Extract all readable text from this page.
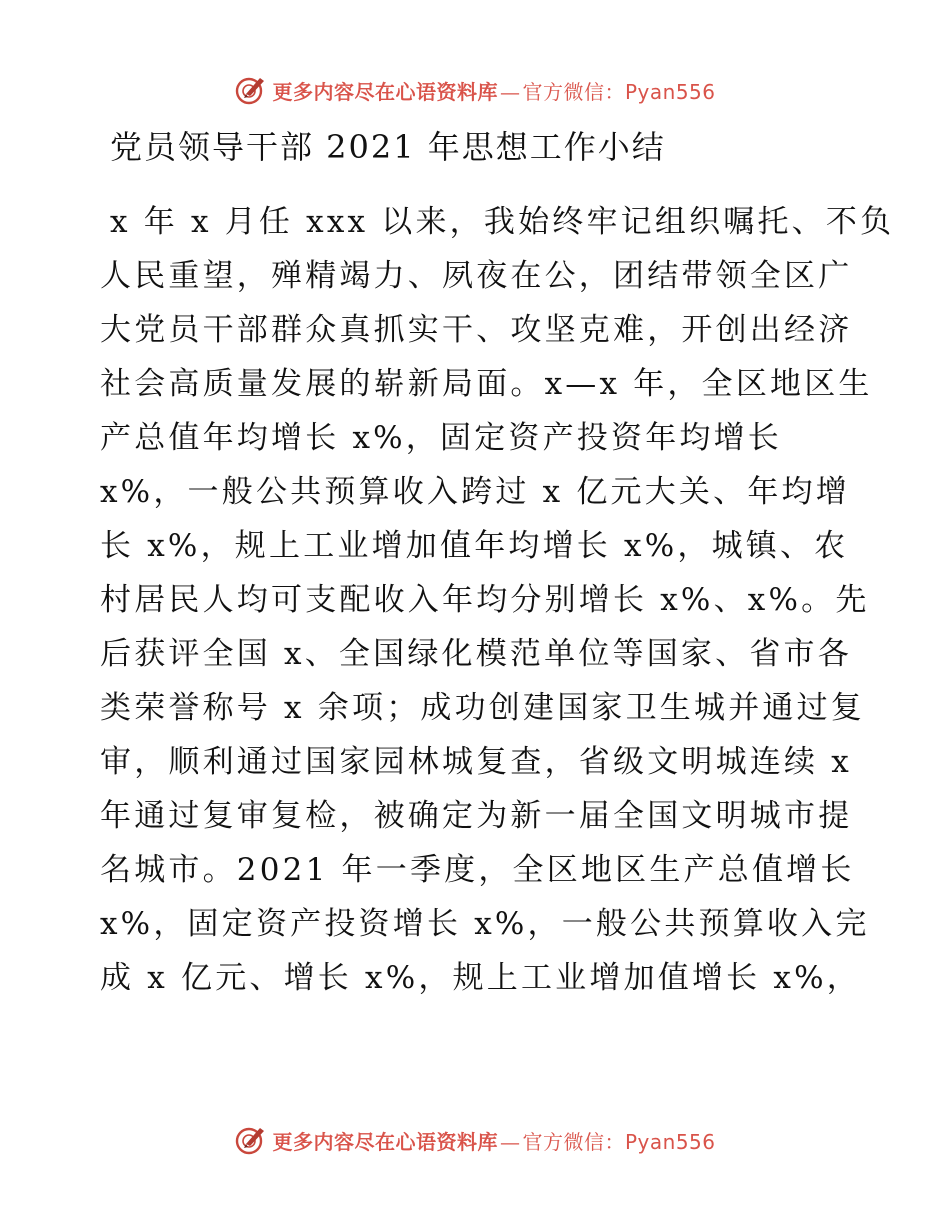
更多内容尽在心语资料库 — 官方微信：Pyan556
党员领导干部 2021 年思想工作小结
x 年 x 月任 xxx 以来，我始终牢记组织嘱托、不负
人民重望，殚精竭力、夙夜在公，团结带领全区广
大党员干部群众真抓实干、攻坚克难，开创出经济
社会高质量发展的崭新局面。x—x 年，全区地区生
产总值年均增长 x%，固定资产投资年均增长
x%，一般公共预算收入跨过 x 亿元大关、年均增
长 x%，规上工业增加值年均增长 x%，城镇、农
村居民人均可支配收入年均分别增长 x%、x%。先
后获评全国 x、全国绿化模范单位等国家、省市各
类荣誉称号 x 余项；成功创建国家卫生城并通过复
审，顺利通过国家园林城复查，省级文明城连续 x
年通过复审复检，被确定为新一届全国文明城市提
名城市。2021 年一季度，全区地区生产总值增长
x%，固定资产投资增长 x%，一般公共预算收入完
成 x 亿元、增长 x%，规上工业增加值增长 x%，
更多内容尽在心语资料库 — 官方微信：Pyan556
